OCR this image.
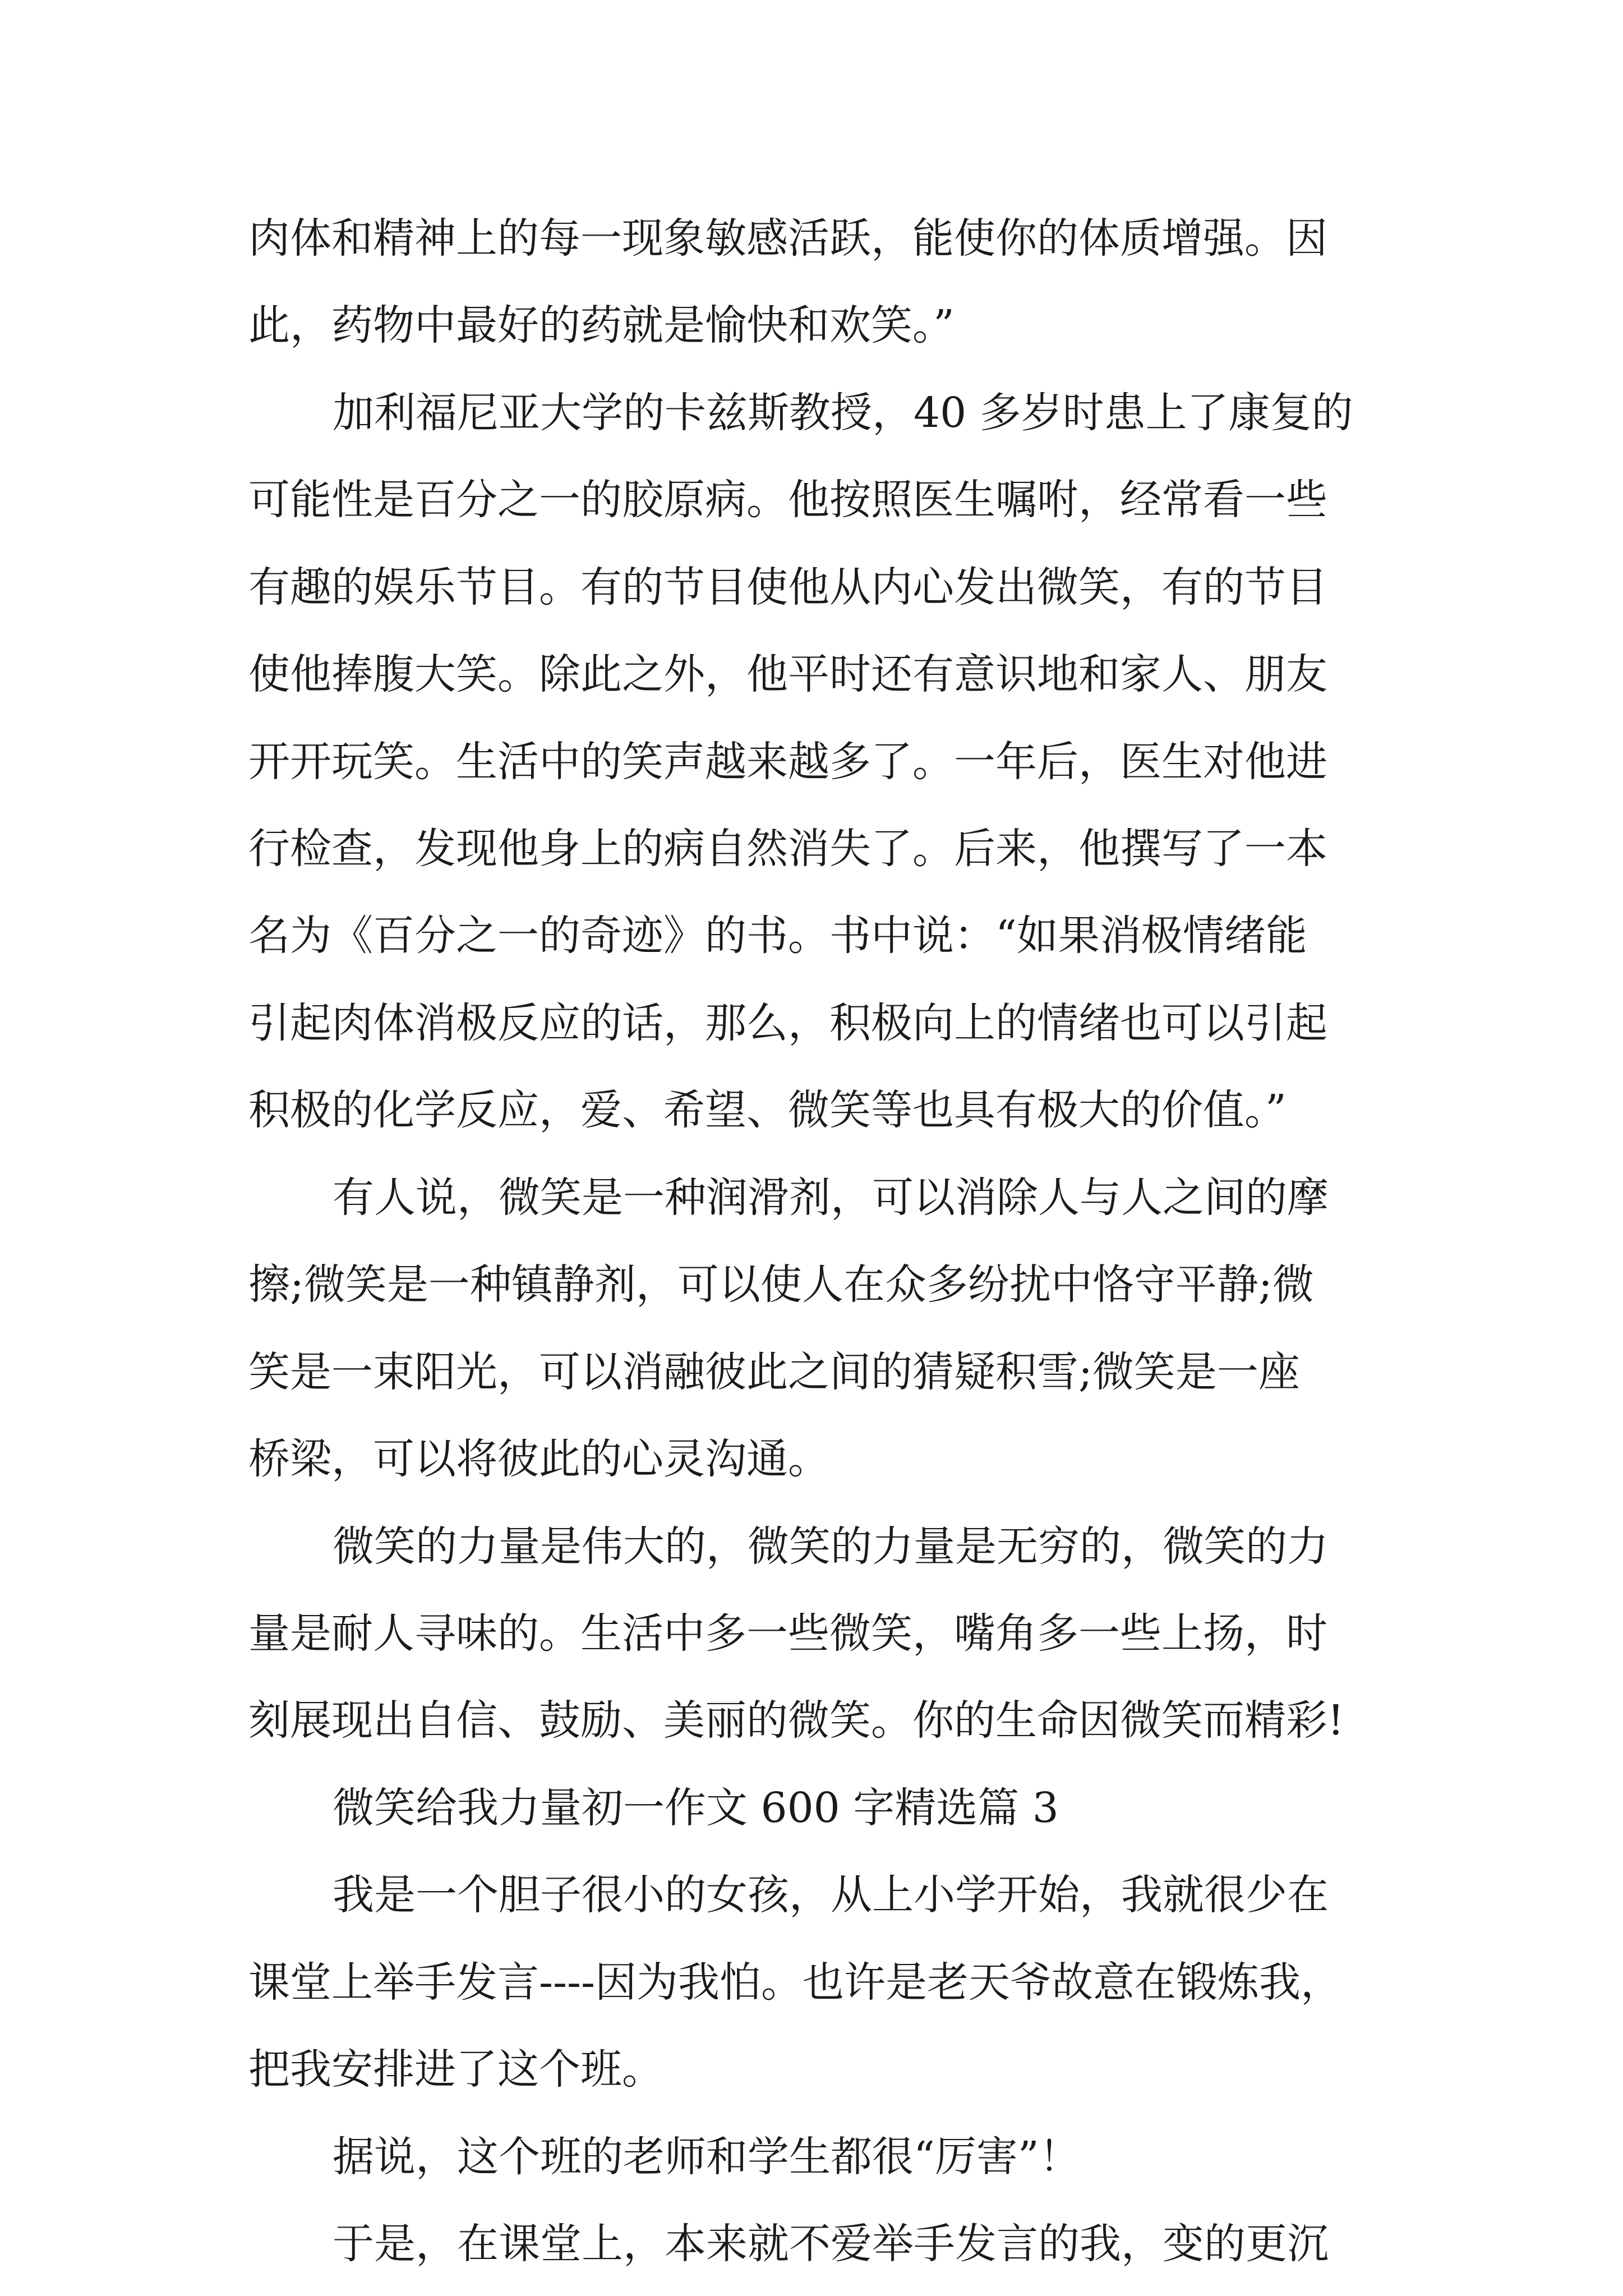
肉体和精神上的每一现象敏感活跃，能使你的体质增强。因
此，药物中最好的药就是愉快和欢笑。”
加利福尼亚大学的卡兹斯教授，40 多岁时患上了康复的
可能性是百分之一的胶原病。他按照医生嘱咐，经常看一些
有趣的娱乐节目。有的节目使他从内心发出微笑，有的节目
使他捧腹大笑。除此之外，他平时还有意识地和家人、朋友
开开玩笑。生活中的笑声越来越多了。一年后，医生对他进
行检查，发现他身上的病自然消失了。后来，他撰写了一本
名为《百分之一的奇迹》的书。书中说：“如果消极情绪能
引起肉体消极反应的话，那么，积极向上的情绪也可以引起
积极的化学反应，爱、希望、微笑等也具有极大的价值。”
有人说，微笑是一种润滑剂，可以消除人与人之间的摩
擦;微笑是一种镇静剂，可以使人在众多纷扰中恪守平静;微
笑是一束阳光，可以消融彼此之间的猜疑积雪;微笑是一座
桥梁，可以将彼此的心灵沟通。
微笑的力量是伟大的，微笑的力量是无穷的，微笑的力
量是耐人寻味的。生活中多一些微笑，嘴角多一些上扬，时
刻展现出自信、鼓励、美丽的微笑。你的生命因微笑而精彩!
微笑给我力量初一作文 600 字精选篇 3
我是一个胆子很小的女孩，从上小学开始，我就很少在
课堂上举手发言----因为我怕。也许是老天爷故意在锻炼我，
把我安排进了这个班。
据说，这个班的老师和学生都很“厉害”！
于是，在课堂上，本来就不爱举手发言的我，变的更沉
